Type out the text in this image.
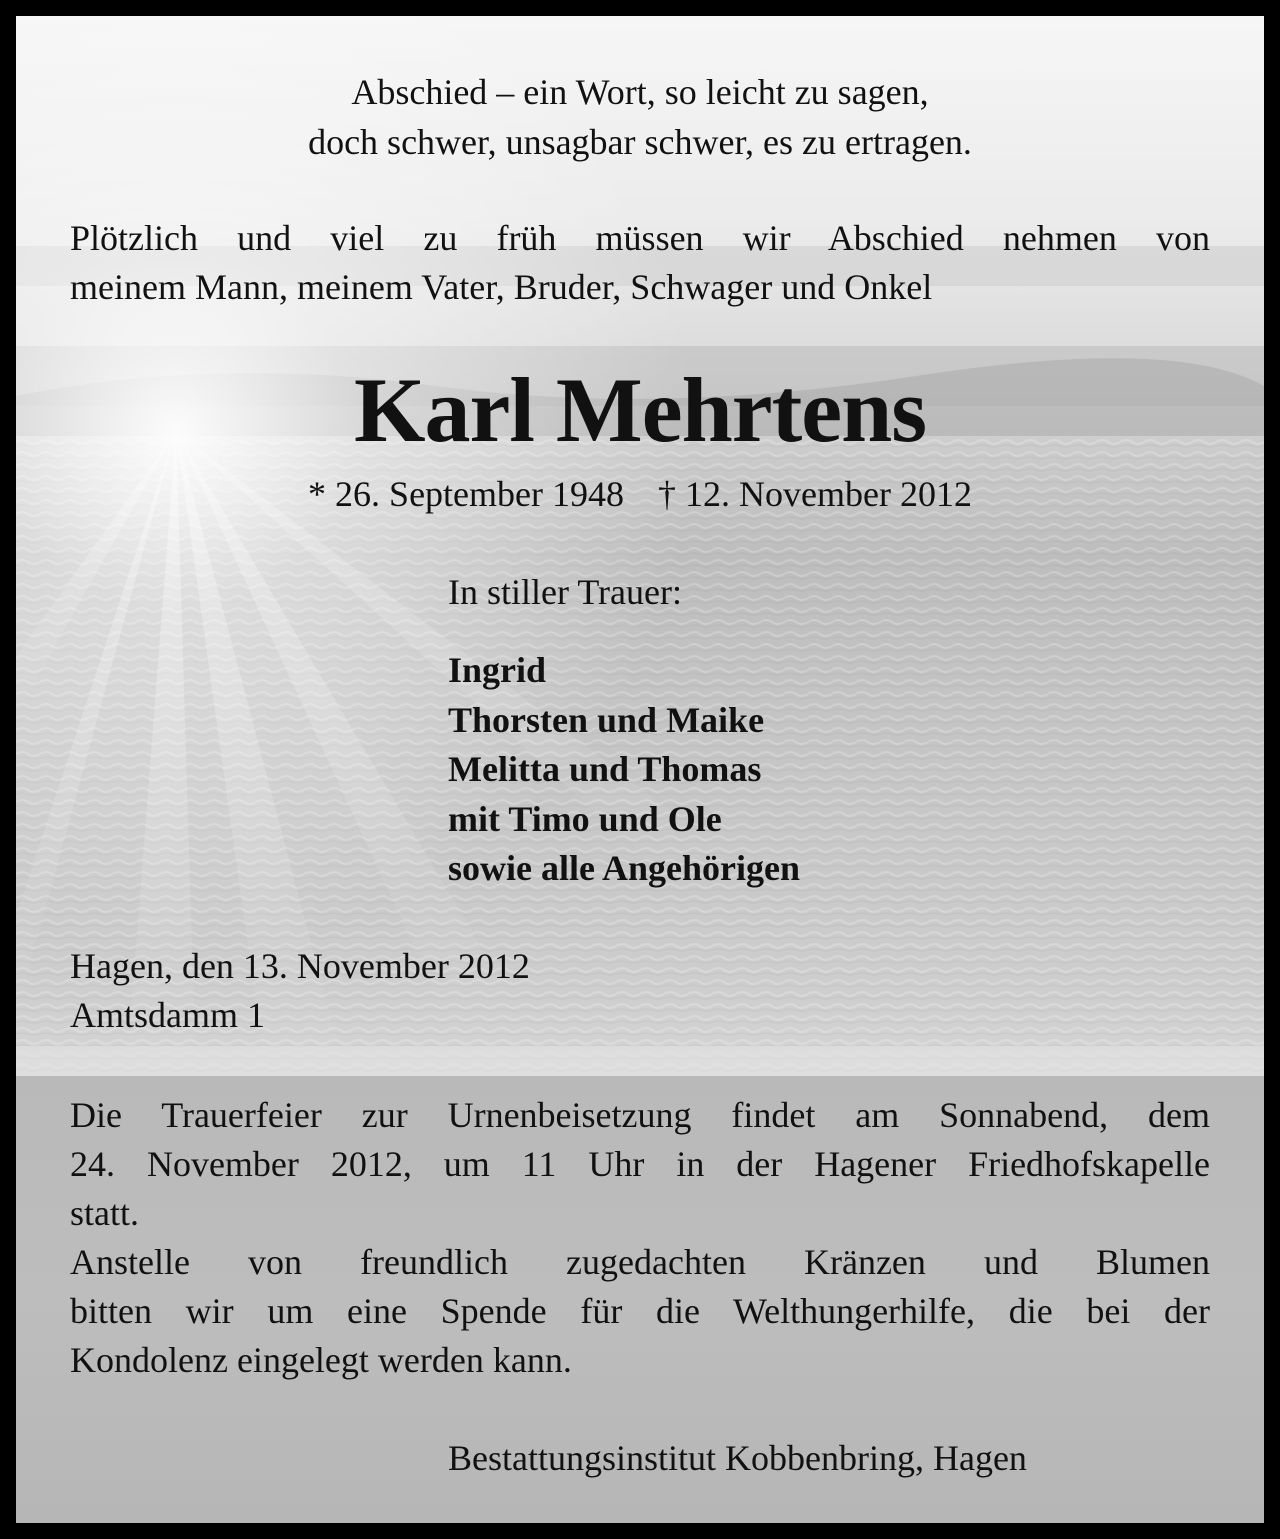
Abschied – ein Wort, so leicht zu sagen,
doch schwer, unsagbar schwer, es zu ertragen.
Plötzlich und viel zu früh müssen wir Abschied nehmen von
meinem Mann, meinem Vater, Bruder, Schwager und Onkel
Karl Mehrtens
* 26. September 1948 † 12. November 2012
In stiller Trauer:
Ingrid
Thorsten und Maike
Melitta und Thomas
mit Timo und Ole
sowie alle Angehörigen
Hagen, den 13. November 2012
Amtsdamm 1
Die Trauerfeier zur Urnenbeisetzung findet am Sonnabend, dem
24. November 2012, um 11 Uhr in der Hagener Friedhofskapelle
statt.
Anstelle von freundlich zugedachten Kränzen und Blumen
bitten wir um eine Spende für die Welthungerhilfe, die bei der
Kondolenz eingelegt werden kann.
Bestattungsinstitut Kobbenbring, Hagen
